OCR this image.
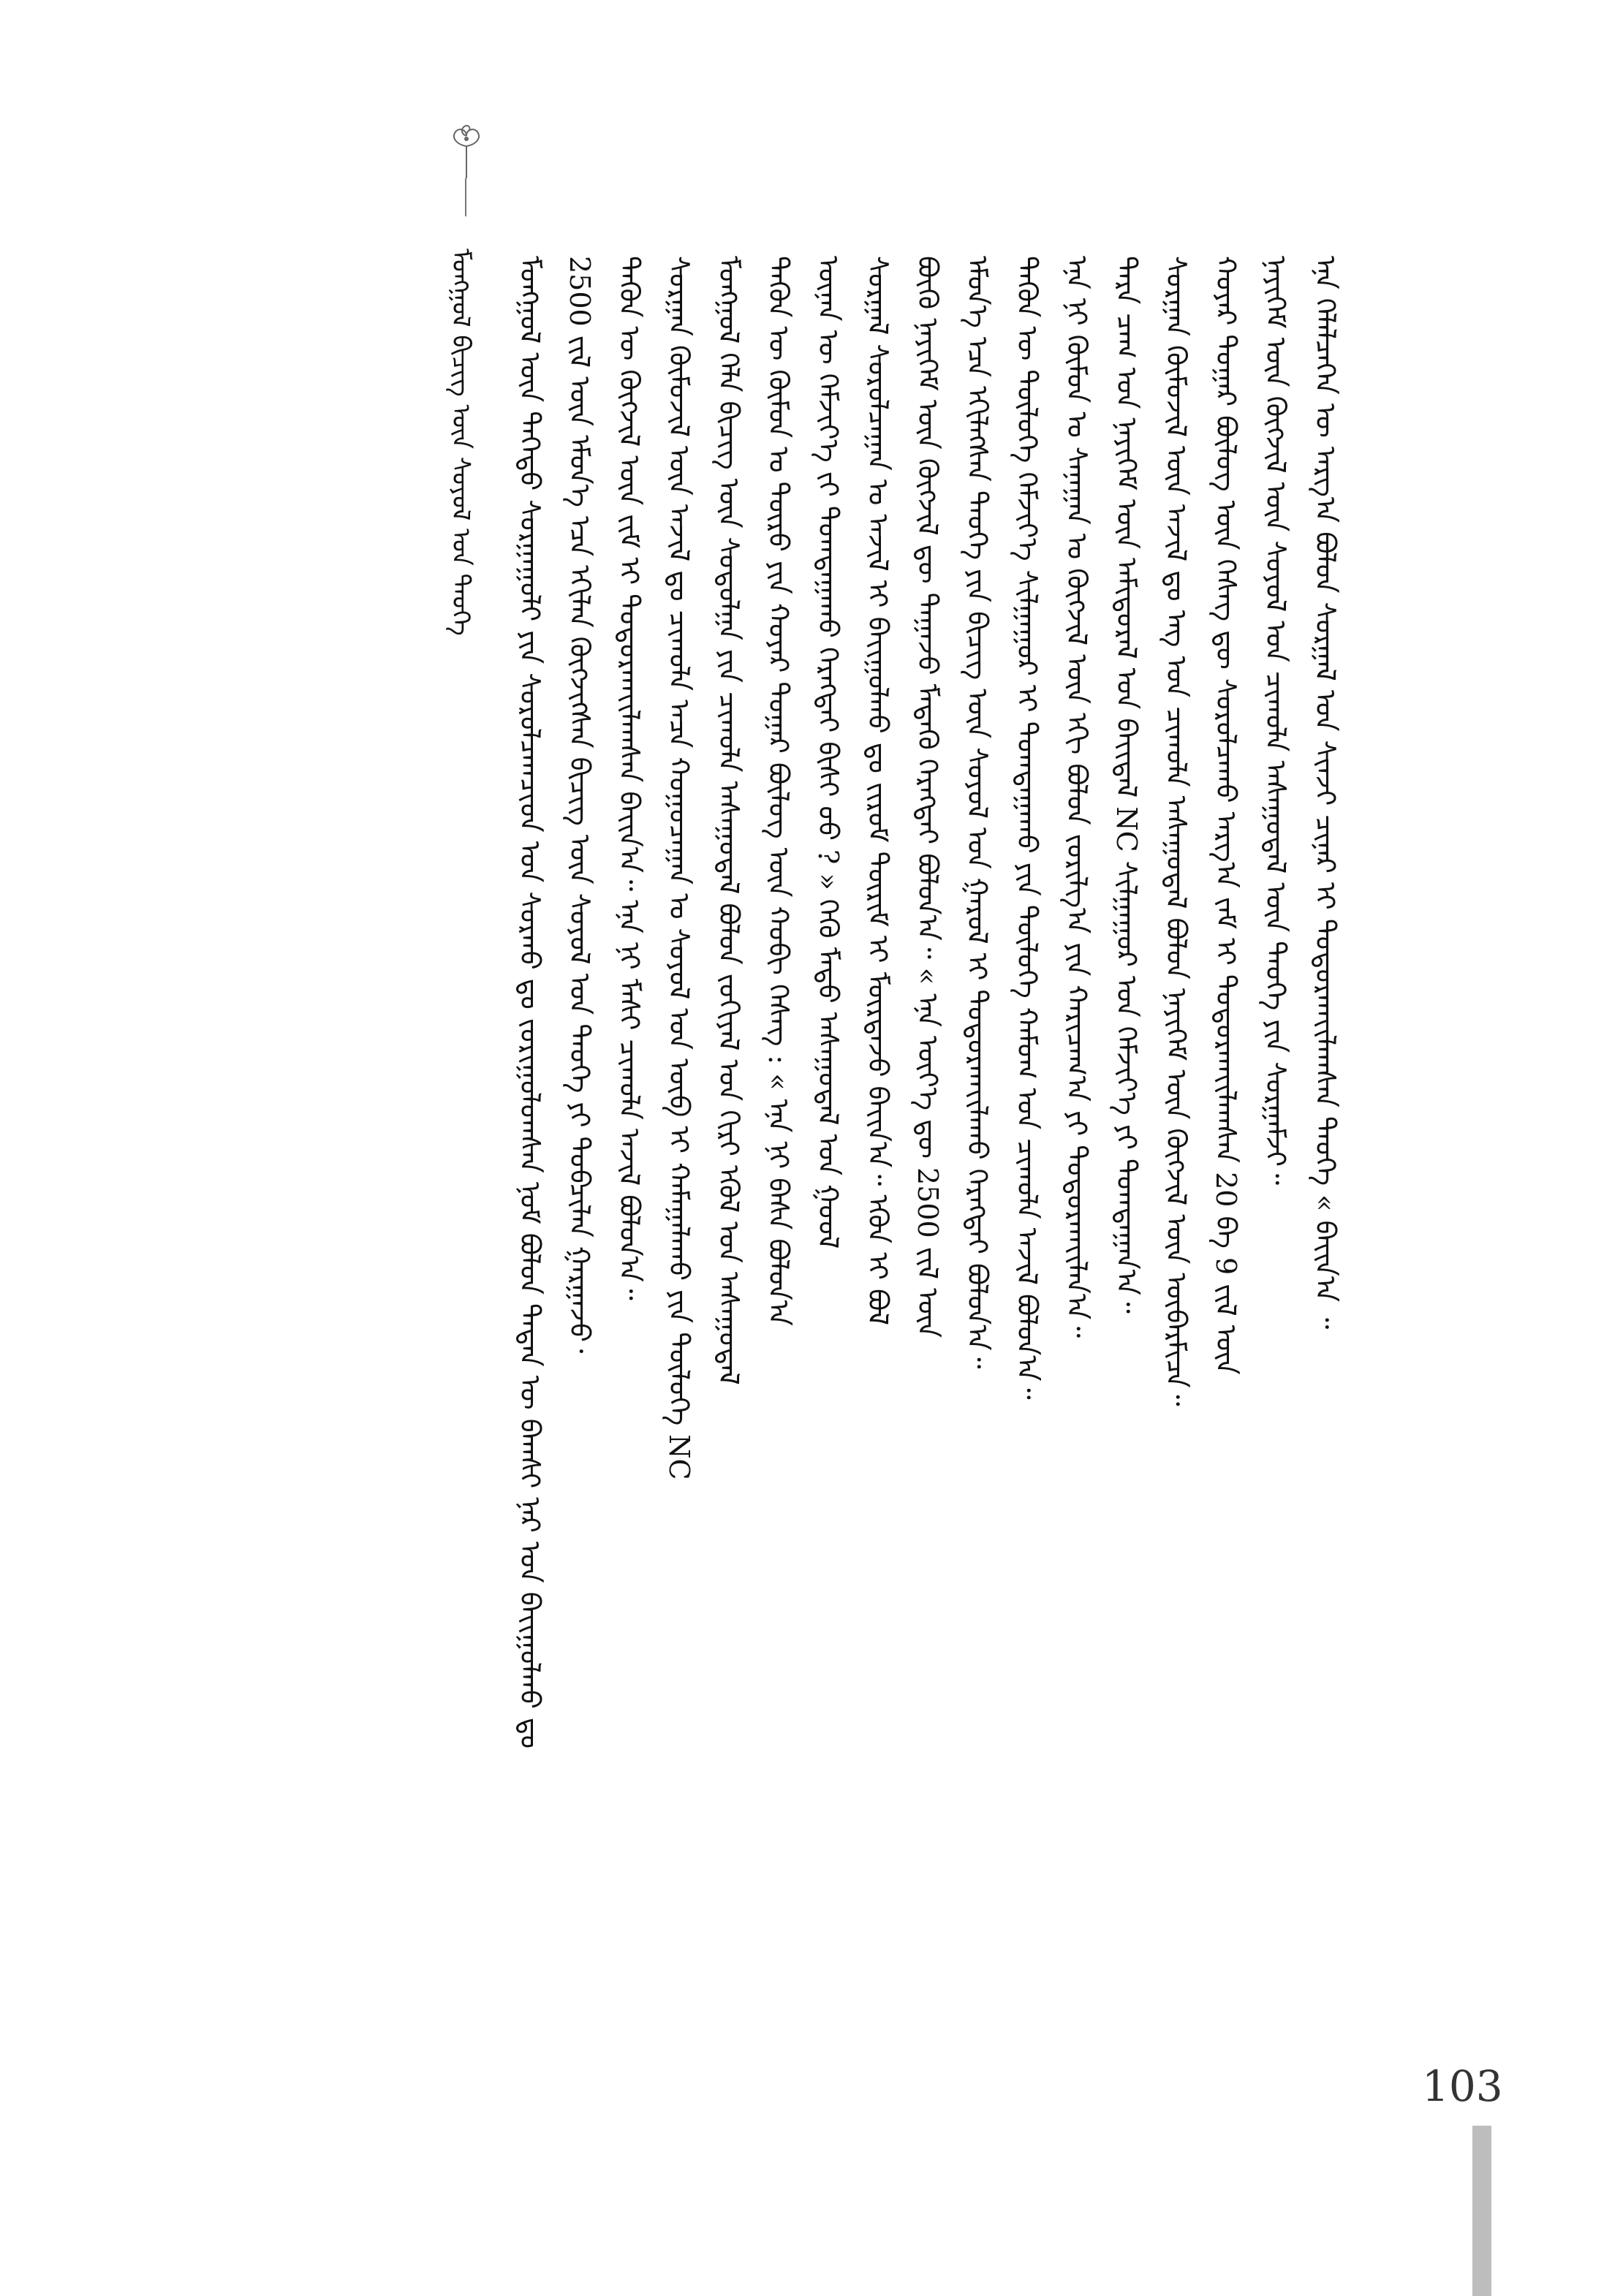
ᠮᠣᠩᠭᠣᠯ ᠪᠢᠴᠢᠭ ᠦᠨ ᠰᠣᠶᠣᠯ ᠤᠨ ᠲᠡᠦᠬᠡ	ᠮᠣᠩᠭᠣᠯ ᠦᠨ ᠳᠡᠭᠡᠳᠦ ᠰᠤᠷᠭᠠᠭᠤᠯᠢ ᠶᠢᠨ ᠰᠤᠷᠤᠯᠴᠠᠭᠴᠢᠳ ᠤᠨ ᠰᠤᠷᠬᠤ ᠳᠤ ᠵᠣᠷᠢᠭᠤᠯᠤᠭᠰᠠᠨ ᠨᠣᠮ ᠪᠣᠯᠤᠨ ᠲᠡᠳᠡᠨ ᠦ ᠪᠠᠭᠰᠢ ᠨᠠᠷ ᠤᠨ ᠪᠠᠶ᠋ᠢᠭᠤᠯᠬᠤ ᠳᠤ 2500 ᠵᠢᠯ ᠦᠨ ᠡᠮᠦᠨ᠎ᠡ ᠡᠴᠡ ᠡᠬᠢᠯᠡᠨ ᠬᠥᠭᠵᠢᠭᠰᠡᠨ ᠪᠢᠴᠢᠭ ᠦᠨ ᠰᠣᠶᠣᠯ ᠤᠨ ᠲᠡᠦᠬᠡ ᠶᠢ ᠲᠣᠪᠴᠢᠯᠠᠨ ᠭᠠᠷᠭᠠᠵᠤ᠂ ᠲᠡᠭᠦᠨ ᠦ ᠬᠥᠭᠵᠢᠯ ᠦᠨ ᠵᠢᠮ ᠢ ᠲᠣᠳᠤᠷᠬᠠᠶ᠋ᠢᠯᠠᠭᠰᠠᠨ ᠪᠠᠶ᠋ᠢᠨ᠎ᠠ᠃ ᠡᠨᠡ ᠨᠢ ᠮᠠᠰᠢ ᠴᠢᠬᠤᠯᠠ ᠠᠵᠢᠯ ᠪᠣᠯᠤᠨ᠎ᠠ᠃ ᠰᠤᠷᠭᠠᠨ ᠬᠦᠮᠦᠵᠢᠯ ᠦᠨ ᠠᠵᠢᠯ ᠳᠤ ᠴᠢᠬᠤᠯᠠ ᠠᠴᠠ ᠬᠤᠭᠤᠴᠠᠭᠠᠨ ᠤ ᠰᠣᠶᠣᠯ ᠤᠨ ᠥᠪ ᠢ ᠬᠠᠮᠠᠭᠠᠯᠠᠬᠤ ᠶᠢᠨ ᠲᠥᠯᠥᠭᠡ NC ᠮᠣᠩᠭᠣᠯ ᠬᠡᠯᠡ ᠪᠢᠴᠢᠭ ᠦᠨ ᠰᠤᠳᠤᠯᠭᠠ ᠶᠢᠨ ᠴᠢᠬᠤᠯᠠ ᠠᠰᠠᠭᠤᠳᠠᠯ ᠪᠣᠯᠤᠨ ᠵᠣᠬᠢᠶᠠᠯ ᠤᠨ ᠬᠢᠷᠢ ᠡᠭᠦᠯ ᠤᠨ ᠠᠰᠠᠭᠤᠳᠠᠯ ᠲᠡᠭᠦᠨ ᠦ ᠬᠦᠮᠦᠨ ᠤ ᠲᠥᠷᠦ ᠶᠢᠨ ᠬᠣᠶᠠᠷ ᠳᠤᠭᠠᠷ ᠪᠦᠯᠦᠭ ᠦᠨ ᠬᠤᠪᠢ ᠬᠡᠰᠡᠭ : « ᠡᠨᠡ ᠨᠢ ᠪᠠᠰᠠ ᠪᠣᠯᠣᠨ᠎ᠠ ᠦᠨᠡᠨ ᠦ ᠬᠡᠮᠵᠢᠶ᠎ᠡ ᠵᠢ ᠲᠣᠭᠲᠠᠭᠠᠬᠤ ᠬᠡᠷᠡᠭᠲᠡᠢ ᠪᠢᠰᠢ ᠦᠦ ? » ᠭᠡᠬᠦ ᠮᠡᠲᠦ ᠠᠰᠠᠭᠤᠳᠠᠯ ᠤᠨ ᠭᠣᠣᠯ ᠰᠤᠷᠭᠠᠯ ᠰᠤᠷᠤᠯᠴᠠᠭᠠᠨ ᠤ ᠠᠵᠢᠯ ᠢ ᠪᠠᠶ᠋ᠢᠭᠤᠯᠬᠤ ᠳᠤ ᠵᠢᠷᠤᠮ ᠳᠦᠷᠢᠮ ᠢ ᠮᠦᠷᠳᠡᠵᠦ ᠪᠠᠶ᠋ᠢᠨ᠎ᠠ᠃ ᠡᠭᠦᠨ ᠢ ᠪᠣᠯ ᠪᠦᠬᠦ ᠨᠡᠶᠢᠭᠡᠮ ᠦᠨ ᠬᠥᠭᠵᠢᠯ ᠳᠦ ᠳᠠᠭᠠᠵᠤ ᠮᠡᠳᠡᠬᠦ ᠬᠡᠷᠡᠭᠲᠡᠢ ᠪᠣᠯᠤᠨ᠎ᠠ᠃ « ᠡᠨᠡ ᠦᠶ᠎ᠡ ᠳᠦ 2500 ᠵᠢᠯ ᠦᠨ ᠡᠮᠦᠨ᠎ᠡ ᠡᠴᠡ ᠡᠬᠢᠯᠡᠭᠰᠡᠨ ᠲᠡᠦᠬᠡ ᠶᠢᠨ ᠪᠢᠴᠢᠭ ᠦᠨ ᠰᠣᠶᠣᠯ ᠤᠨ ᠭᠠᠷᠤᠯ ᠢ ᠲᠣᠳᠤᠷᠬᠠᠶ᠋ᠢᠯᠠᠬᠤ ᠬᠡᠷᠡᠭᠲᠡᠢ ᠪᠣᠯᠤᠨ᠎ᠠ᠃ ᠲᠡᠭᠦᠨ ᠦ ᠲᠥᠯᠥᠭᠡ ᠬᠡᠮᠵᠢᠶ᠎ᠡ ᠰᠢᠯᠭᠠᠭᠤᠷ ᠢ ᠲᠣᠭᠲᠠᠭᠠᠬᠤ ᠶᠢᠨ ᠲᠥᠯᠥᠭᠡ ᠬᠠᠮᠤᠭ ᠤᠨ ᠴᠢᠬᠤᠯᠠ ᠠᠵᠢᠯ ᠪᠣᠯᠤᠨ᠎ᠠ᠃ ᠡᠨᠡ ᠨᠢ ᠬᠦᠮᠦᠨ ᠤ ᠰᠠᠨᠠᠭᠠᠨ ᠤ ᠬᠥᠭᠵᠢᠯ ᠦᠨ ᠡᠬᠢ ᠪᠣᠯᠤᠨ ᠵᠣᠷᠢᠯᠭ᠎ᠠ ᠶᠢᠨ ᠬᠠᠷᠢᠴᠠᠭ᠎ᠠ ᠶᠢ ᠲᠣᠳᠤᠷᠬᠠᠶ᠋ᠢᠯᠠᠨ᠎ᠠ᠃ ᠲᠡᠷᠡ ᠴᠠᠭ ᠤᠨ ᠨᠡᠶᠢᠭᠡᠮ ᠦᠨ ᠠᠮᠢᠳᠤᠷᠠᠯ ᠤᠨ ᠪᠠᠶ᠋ᠢᠳᠠᠯ NC ᠰᠢᠯᠭᠠᠭᠤᠷ ᠤᠨ ᠬᠡᠮᠵᠢᠶ᠎ᠡ ᠶᠢ ᠲᠣᠭᠲᠠᠭᠠᠨ᠎ᠠ᠃ ᠰᠤᠷᠭᠠᠨ ᠬᠦᠮᠦᠵᠢᠯ ᠦᠨ ᠠᠵᠢᠯ ᠳᠤ ᠡᠩ ᠤᠨ ᠴᠢᠬᠤᠯᠠ ᠠᠰᠠᠭᠤᠳᠠᠯ ᠪᠣᠯᠤᠨ ᠨᠡᠶᠢᠭᠡᠮ ᠦᠨ ᠬᠥᠭᠵᠢᠯ ᠦᠨ ᠥᠪᠡᠷᠮᠢᠴᠡ᠃ ᠬᠣᠶᠠᠷ ᠳᠤᠭᠠᠷ ᠪᠦᠯᠦᠭ ᠦᠨ ᠬᠡᠰᠡᠭ ᠳᠦ ᠰᠤᠷᠤᠯᠴᠠᠬᠤ ᠠᠷᠭ᠎ᠠ ᠵᠠᠮ ᠢ ᠲᠣᠳᠤᠷᠬᠠᠶ᠋ᠢᠯᠠᠭᠰᠠᠨ 20 ᠪᠠ 9 ᠵᠢᠯ ᠦᠨ ᠨᠡᠶᠢᠭᠡᠮ ᠦᠨ ᠬᠥᠭᠵᠢᠯ ᠦᠨ ᠰᠣᠶᠣᠯ ᠤᠨ ᠴᠢᠬᠤᠯᠠ ᠠᠰᠠᠭᠤᠳᠠᠯ ᠦᠨ ᠲᠡᠦᠬᠡ ᠶᠢᠨ ᠰᠤᠷᠭᠠᠮᠵᠢ᠃ ᠡᠨᠡ ᠬᠡᠯᠡᠯᠴᠡᠭᠡᠨ ᠦ ᠠᠷᠭ᠎ᠠ ᠪᠣᠯᠤᠨ ᠰᠤᠷᠭᠠᠯ ᠤᠨ ᠰᠢᠨᠵᠢ ᠴᠢᠨᠠᠷ ᠢ ᠲᠣᠳᠤᠷᠬᠠᠶ᠋ᠢᠯᠠᠭᠰᠠᠨ ᠲᠡᠦᠬᠡ « ᠪᠠᠶ᠋ᠢᠨ᠎ᠠ ᠃
103
